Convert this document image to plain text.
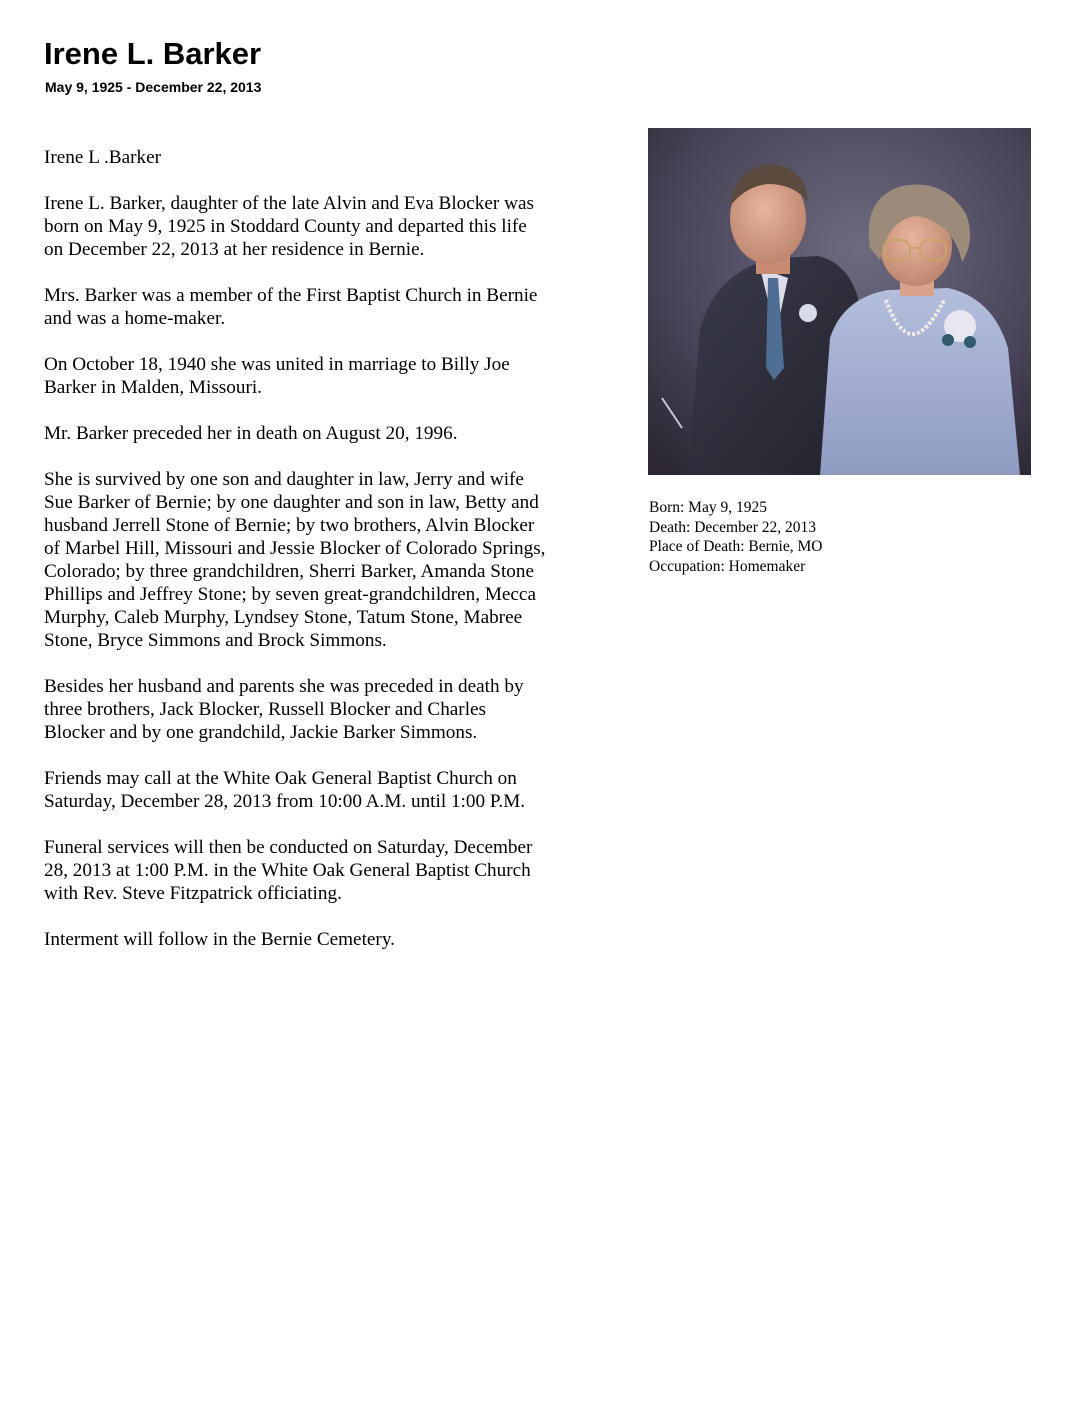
Irene L. Barker
May 9, 1925 - December 22, 2013

Irene L .Barker

Irene L. Barker, daughter of the late Alvin and Eva Blocker was
born on May 9, 1925 in Stoddard County and departed this life
on December 22, 2013 at her residence in Bernie.

Mrs. Barker was a member of the First Baptist Church in Bernie
and was a home-maker.

On October 18, 1940 she was united in marriage to Billy Joe
Barker in Malden, Missouri.

Mr. Barker preceded her in death on August 20, 1996.

She is survived by one son and daughter in law, Jerry and wife
Sue Barker of Bernie; by one daughter and son in law, Betty and
husband Jerrell Stone of Bernie; by two brothers, Alvin Blocker
of Marbel Hill, Missouri and Jessie Blocker of Colorado Springs,
Colorado; by three grandchildren, Sherri Barker, Amanda Stone
Phillips and Jeffrey Stone; by seven great-grandchildren, Mecca
Murphy, Caleb Murphy, Lyndsey Stone, Tatum Stone, Mabree
Stone, Bryce Simmons and Brock Simmons.

Besides her husband and parents she was preceded in death by
three brothers, Jack Blocker, Russell Blocker and Charles
Blocker and by one grandchild, Jackie Barker Simmons.

Friends may call at the White Oak General Baptist Church on
Saturday, December 28, 2013 from 10:00 A.M. until 1:00 P.M.

Funeral services will then be conducted on Saturday, December
28, 2013 at 1:00 P.M. in the White Oak General Baptist Church
with Rev. Steve Fitzpatrick officiating.

Interment will follow in the Bernie Cemetery.

Born: May 9, 1925
Death: December 22, 2013
Place of Death: Bernie, MO
Occupation: Homemaker
